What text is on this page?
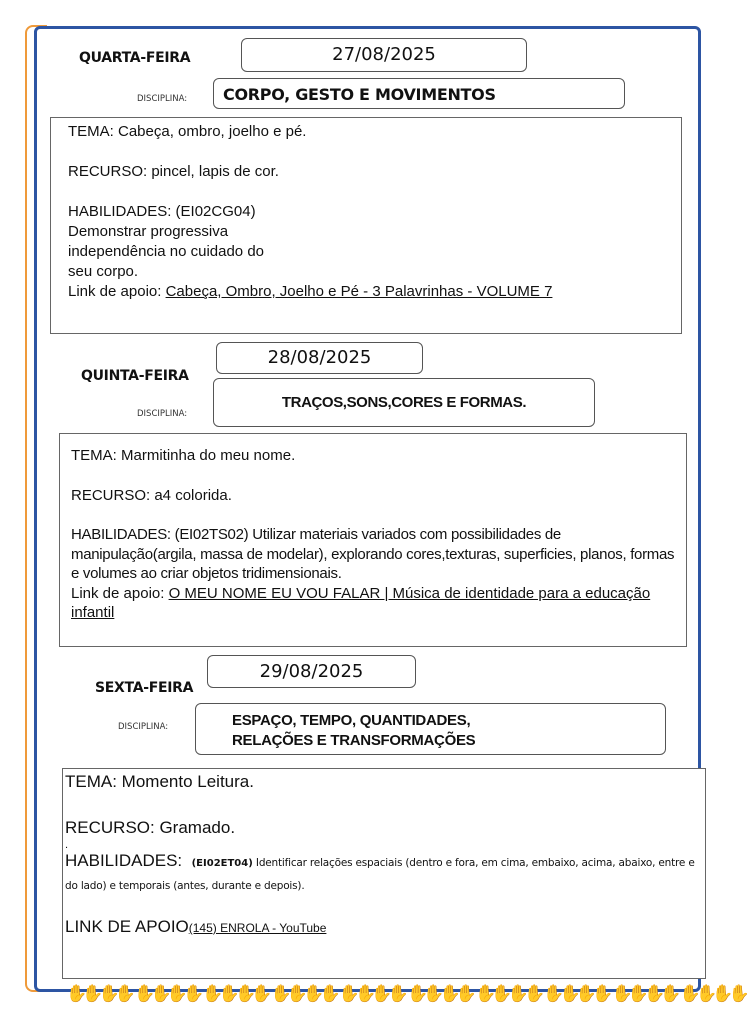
QUARTA-FEIRA	27/08/2025
DISCIPLINA:	CORPO, GESTO E MOVIMENTOS

TEMA: Cabeça, ombro, joelho e pé.

RECURSO: pincel, lapis de cor.

HABILIDADES: (EI02CG04)

Demonstrar progressiva

independência no cuidado do

seu corpo.

Link de apoio: Cabeça, Ombro, Joelho e Pé - 3 Palavrinhas - VOLUME 7

QUINTA-FEIRA
28/08/2025
DISCIPLINA:
TRAÇOS,SONS,CORES E FORMAS.

TEMA: Marmitinha do meu nome.

RECURSO: a4 colorida.

HABILIDADES: (EI02TS02) Utilizar materiais variados com possibilidades de manipulação(argila, massa de modelar), explorando cores,texturas, superficies, planos, formas e volumes ao criar objetos tridimensionais.

Link de apoio: O MEU NOME EU VOU FALAR | Música de identidade para a educação infantil

SEXTA-FEIRA
29/08/2025
DISCIPLINA:	ESPAÇO, TEMPO, QUANTIDADES,
RELAÇÕES E TRANSFORMAÇÕES

TEMA: Momento Leitura.

RECURSO: Gramado.

.

HABILIDADES: (EI02ET04) Identificar relações espaciais (dentro e fora, em cima, embaixo, acima, abaixo, entre e do lado) e temporais (antes, durante e depois).

LINK DE APOIO(145) ENROLA - YouTube

✋
✋
✋
✋
✋
✋
✋
✋
✋
✋
✋
✋
✋
✋
✋
✋
✋
✋
✋
✋
✋
✋
✋
✋
✋
✋
✋
✋
✋
✋
✋
✋
✋
✋
✋
✋
✋
✋
✋
✋
